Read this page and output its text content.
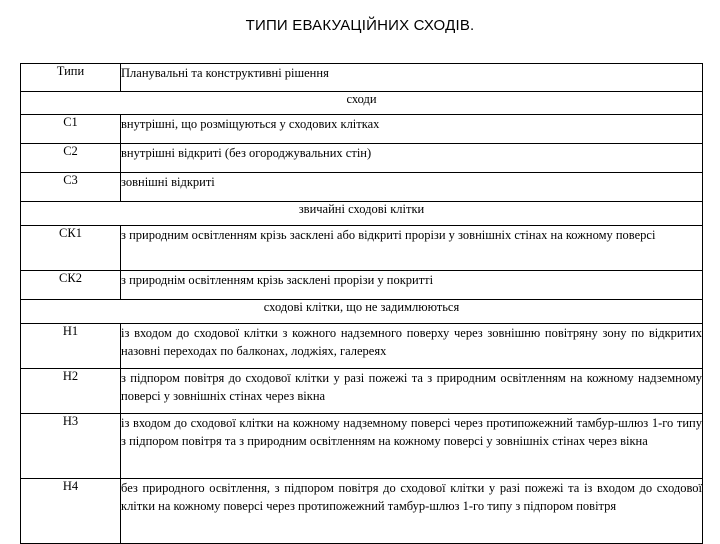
ТИПИ ЕВАКУАЦІЙНИХ СХОДІВ.
Типи	Планувальні та конструктивні рішення
сходи	
С1	внутрішні, що розміщуються у сходових клітках
С2	внутрішні відкриті (без огороджувальних стін)
С3	зовнішні відкриті
звичайні сходові клітки	
СК1	з природним освітленням крізь засклені або відкриті прорізи у зовнішніх стінах на кожному поверсі
СК2	з природнім освітленням крізь засклені прорізи у покритті
сходові клітки, що не задимлюються	
Н1	із входом до сходової клітки з кожного надземного поверху через зовнішню повітряну зону по відкритих назовні переходах по балконах, лоджіях, галереях
Н2	з підпором повітря до сходової клітки у разі пожежі та з природним освітленням на кожному надземному поверсі у зовнішніх стінах через вікна
Н3	із входом до сходової клітки на кожному надземному поверсі через протипожежний тамбур-шлюз 1-го типу з підпором повітря та з природним освітленням на кожному поверсі у зовнішніх стінах через вікна
Н4	без природного освітлення, з підпором повітря до сходової клітки у разі пожежі та із входом до сходової клітки на кожному поверсі через протипожежний тамбур-шлюз 1-го типу з підпором повітря
